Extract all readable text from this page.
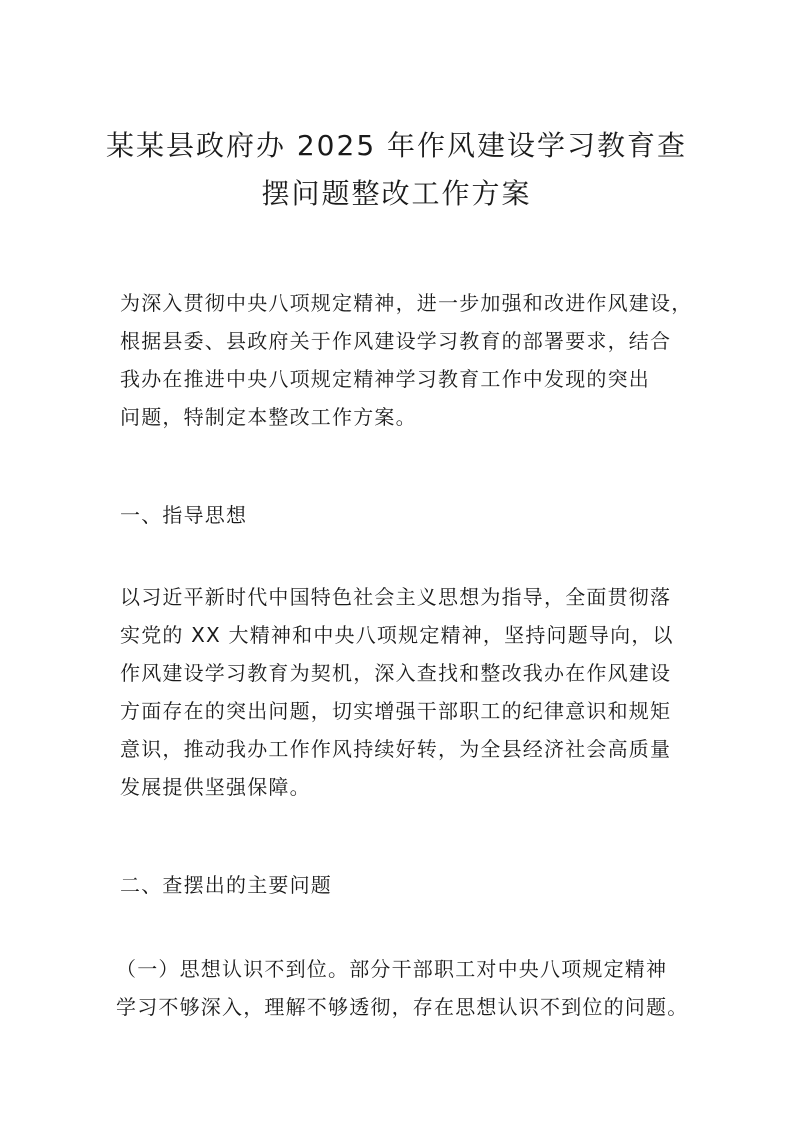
某某县政府办 2025 年作风建设学习教育查
摆问题整改工作方案
为深入贯彻中央八项规定精神，进一步加强和改进作风建设，
根据县委、县政府关于作风建设学习教育的部署要求，结合
我办在推进中央八项规定精神学习教育工作中发现的突出
问题，特制定本整改工作方案。
一、指导思想
以习近平新时代中国特色社会主义思想为指导，全面贯彻落
实党的 XX 大精神和中央八项规定精神，坚持问题导向，以
作风建设学习教育为契机，深入查找和整改我办在作风建设
方面存在的突出问题，切实增强干部职工的纪律意识和规矩
意识，推动我办工作作风持续好转，为全县经济社会高质量
发展提供坚强保障。
二、查摆出的主要问题
（一）思想认识不到位。部分干部职工对中央八项规定精神
学习不够深入，理解不够透彻，存在思想认识不到位的问题。
